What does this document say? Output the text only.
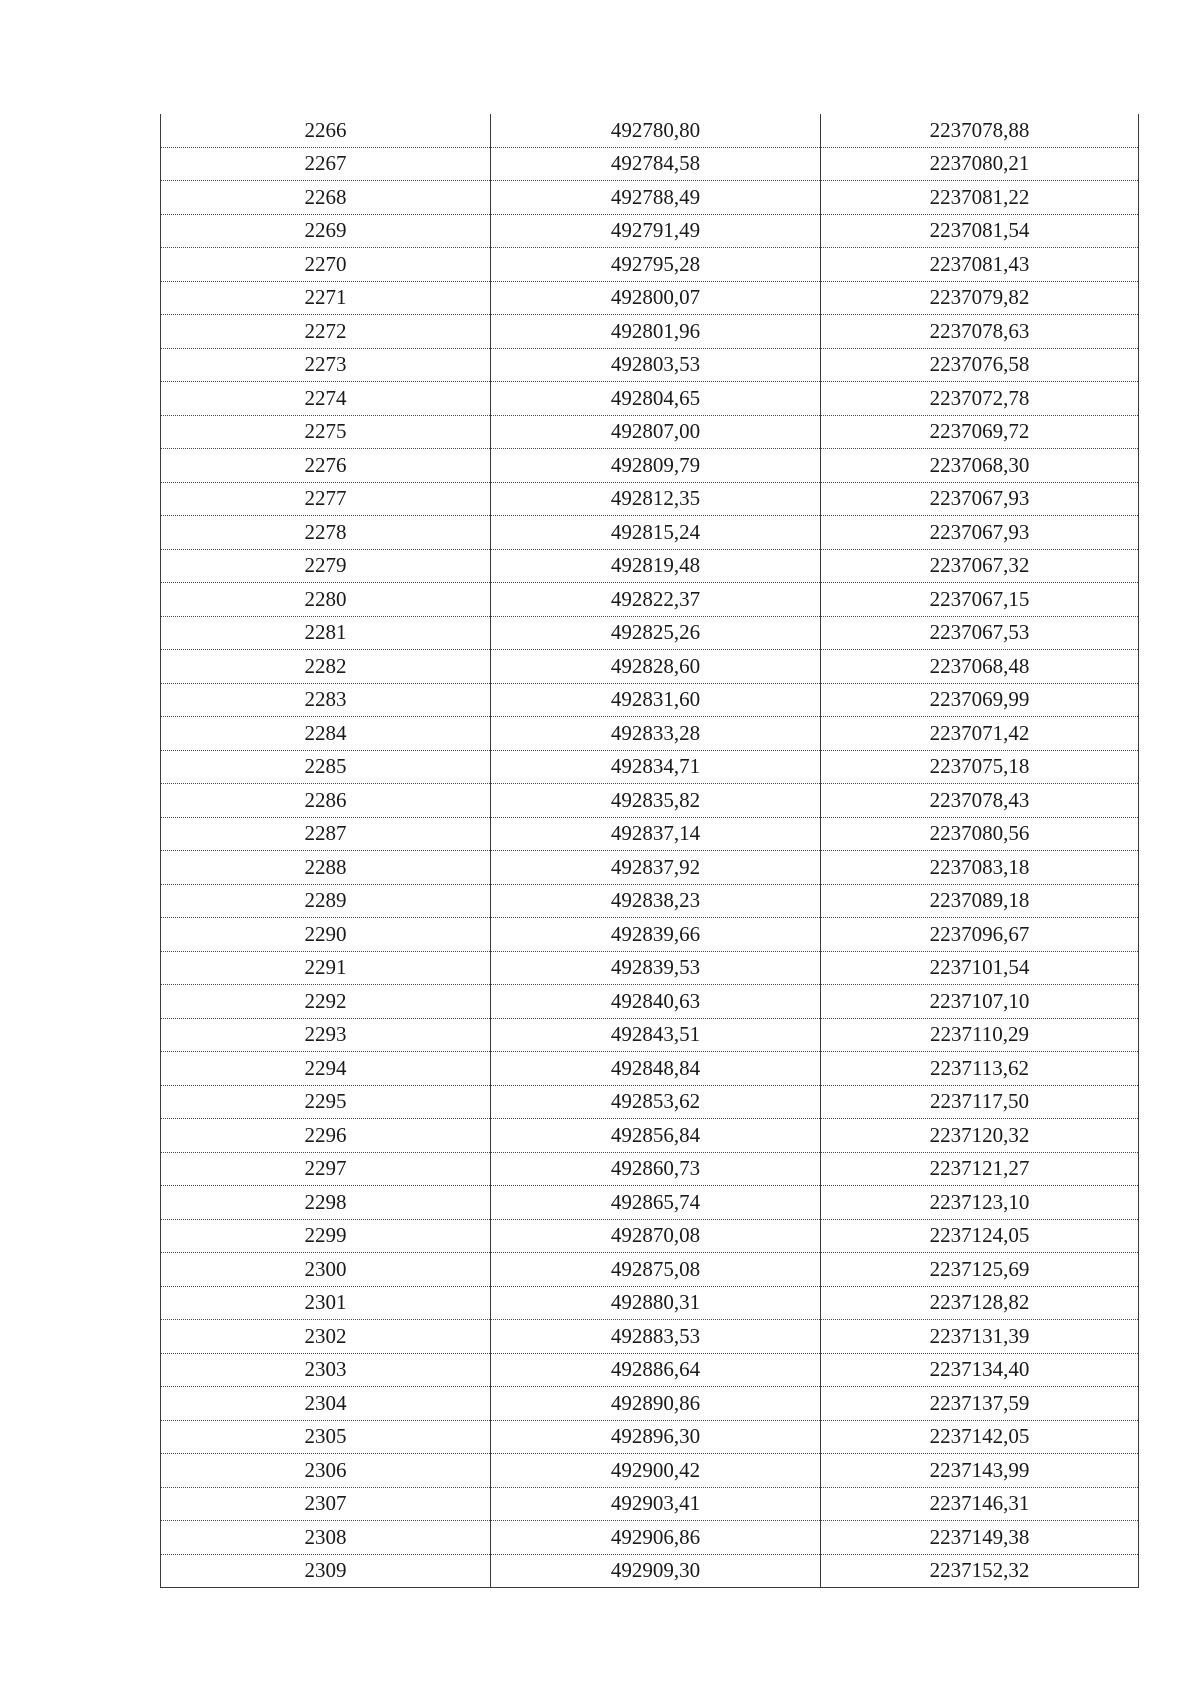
2266	492780,80	2237078,88
2267	492784,58	2237080,21
2268	492788,49	2237081,22
2269	492791,49	2237081,54
2270	492795,28	2237081,43
2271	492800,07	2237079,82
2272	492801,96	2237078,63
2273	492803,53	2237076,58
2274	492804,65	2237072,78
2275	492807,00	2237069,72
2276	492809,79	2237068,30
2277	492812,35	2237067,93
2278	492815,24	2237067,93
2279	492819,48	2237067,32
2280	492822,37	2237067,15
2281	492825,26	2237067,53
2282	492828,60	2237068,48
2283	492831,60	2237069,99
2284	492833,28	2237071,42
2285	492834,71	2237075,18
2286	492835,82	2237078,43
2287	492837,14	2237080,56
2288	492837,92	2237083,18
2289	492838,23	2237089,18
2290	492839,66	2237096,67
2291	492839,53	2237101,54
2292	492840,63	2237107,10
2293	492843,51	2237110,29
2294	492848,84	2237113,62
2295	492853,62	2237117,50
2296	492856,84	2237120,32
2297	492860,73	2237121,27
2298	492865,74	2237123,10
2299	492870,08	2237124,05
2300	492875,08	2237125,69
2301	492880,31	2237128,82
2302	492883,53	2237131,39
2303	492886,64	2237134,40
2304	492890,86	2237137,59
2305	492896,30	2237142,05
2306	492900,42	2237143,99
2307	492903,41	2237146,31
2308	492906,86	2237149,38
2309	492909,30	2237152,32
